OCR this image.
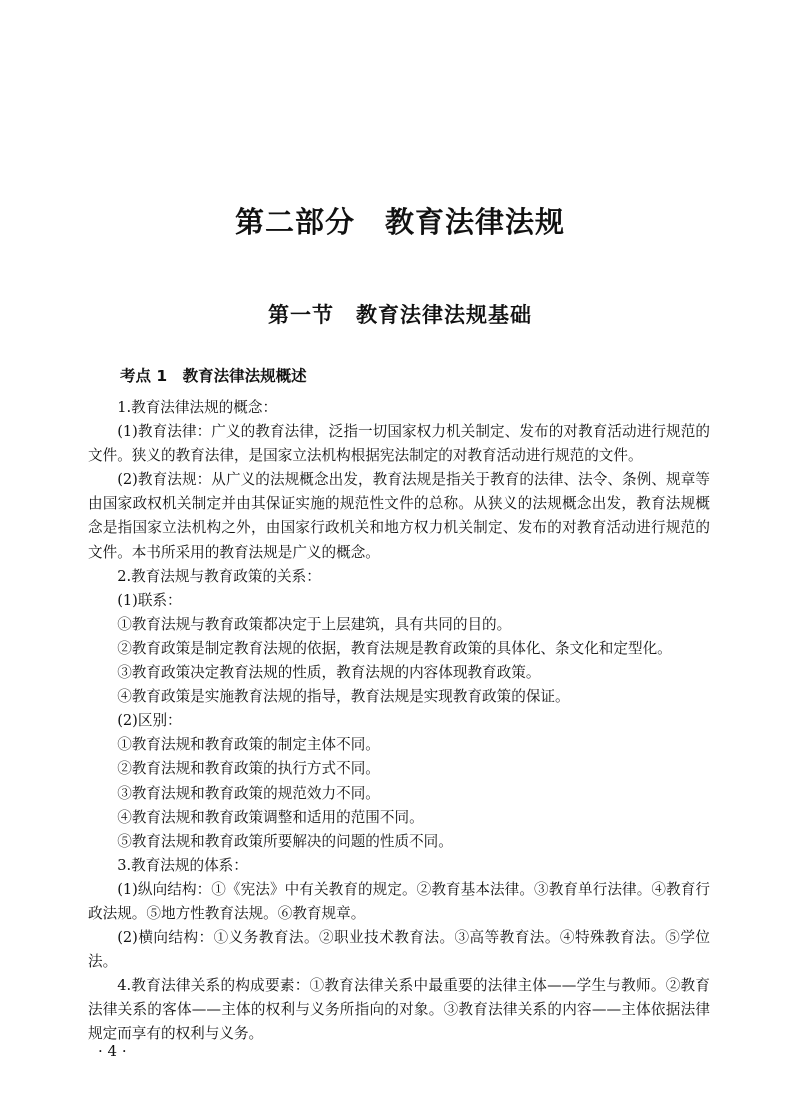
第二部分　教育法律法规
第一节　教育法律法规基础
考点 1　教育法律法规概述

1.教育法律法规的概念：

(1)教育法律：广义的教育法律，泛指一切国家权力机关制定、发布的对教育活动进行规范的文件。狭义的教育法律，是国家立法机构根据宪法制定的对教育活动进行规范的文件。

(2)教育法规：从广义的法规概念出发，教育法规是指关于教育的法律、法令、条例、规章等由国家政权机关制定并由其保证实施的规范性文件的总称。从狭义的法规概念出发，教育法规概念是指国家立法机构之外，由国家行政机关和地方权力机关制定、发布的对教育活动进行规范的文件。本书所采用的教育法规是广义的概念。

2.教育法规与教育政策的关系：

(1)联系：

①教育法规与教育政策都决定于上层建筑，具有共同的目的。

②教育政策是制定教育法规的依据，教育法规是教育政策的具体化、条文化和定型化。

③教育政策决定教育法规的性质，教育法规的内容体现教育政策。

④教育政策是实施教育法规的指导，教育法规是实现教育政策的保证。

(2)区别：

①教育法规和教育政策的制定主体不同。

②教育法规和教育政策的执行方式不同。

③教育法规和教育政策的规范效力不同。

④教育法规和教育政策调整和适用的范围不同。

⑤教育法规和教育政策所要解决的问题的性质不同。

3.教育法规的体系：

(1)纵向结构：①《宪法》中有关教育的规定。②教育基本法律。③教育单行法律。④教育行政法规。⑤地方性教育法规。⑥教育规章。

(2)横向结构：①义务教育法。②职业技术教育法。③高等教育法。④特殊教育法。⑤学位法。

4.教育法律关系的构成要素：①教育法律关系中最重要的法律主体——学生与教师。②教育法律关系的客体——主体的权利与义务所指向的对象。③教育法律关系的内容——主体依据法律规定而享有的权利与义务。

· 4 ·
